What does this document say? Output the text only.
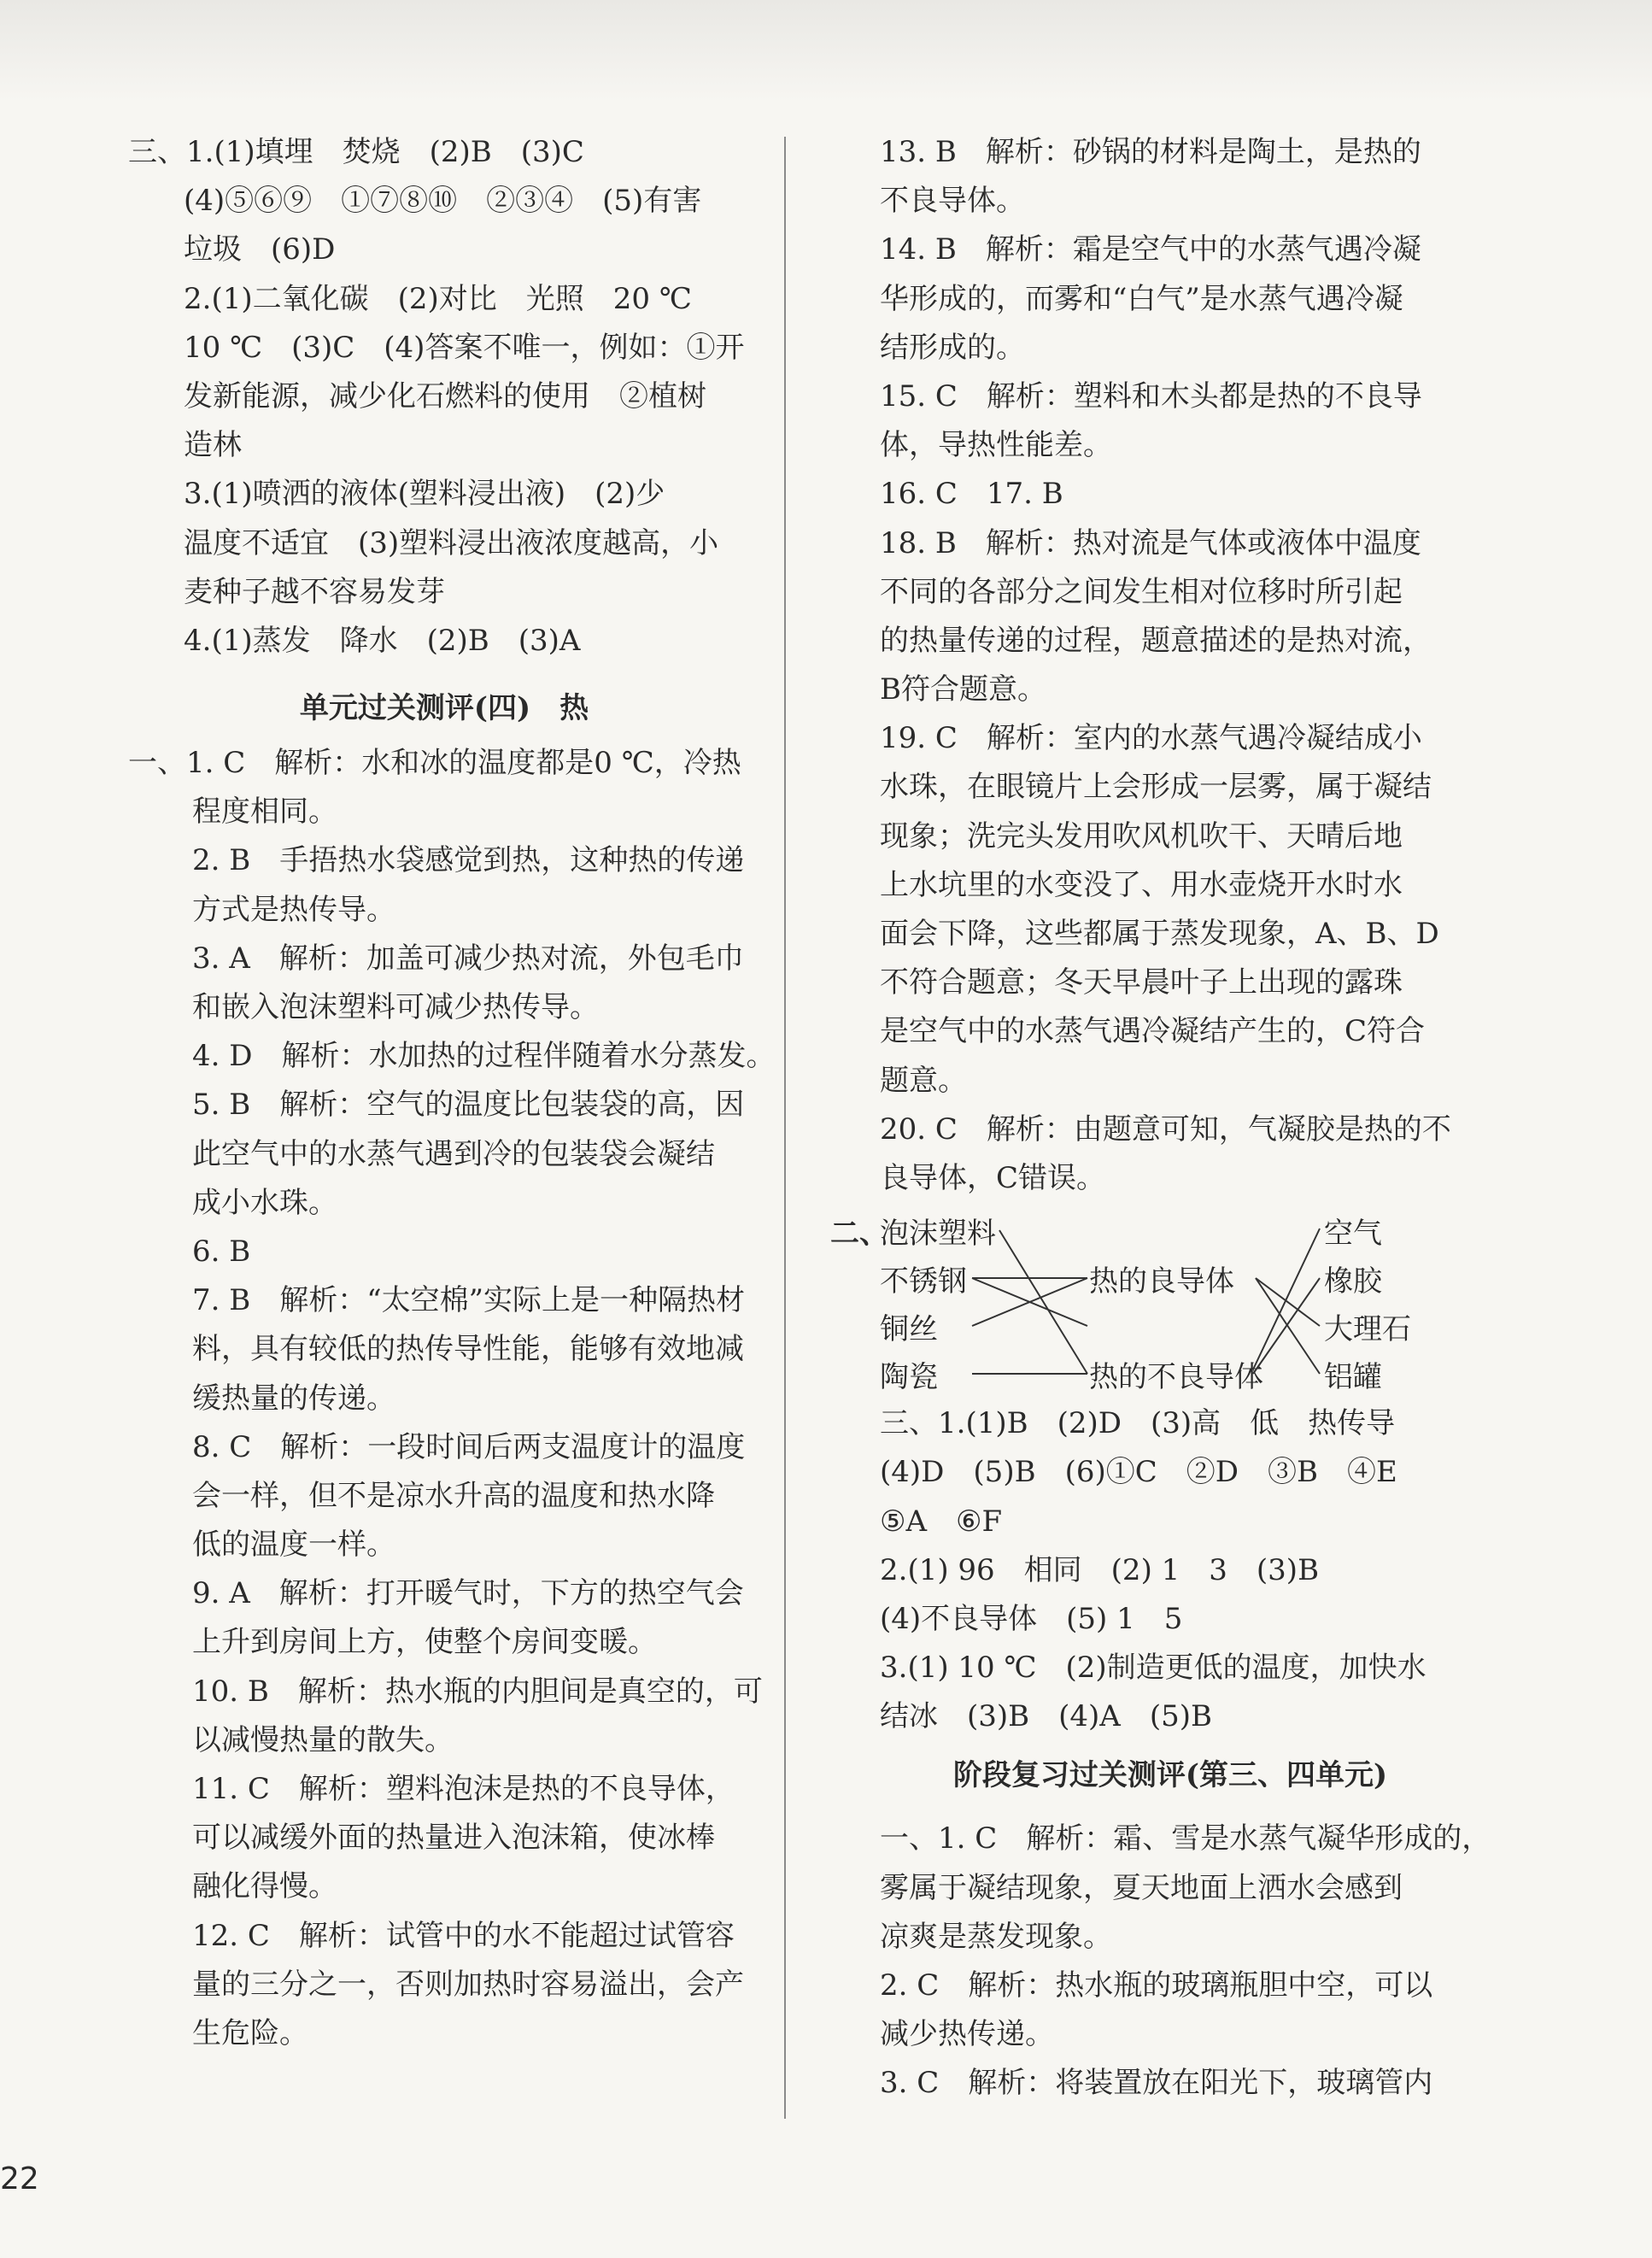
三、1.(1)填埋　焚烧　(2)B　(3)C
(4)⑤⑥⑨　①⑦⑧⑩　②③④　(5)有害
垃圾　(6)D
2.(1)二氧化碳　(2)对比　光照　20 ℃
10 ℃　(3)C　(4)答案不唯一，例如：①开
发新能源，减少化石燃料的使用　②植树
造林
3.(1)喷洒的液体(塑料浸出液)　(2)少
温度不适宜　(3)塑料浸出液浓度越高，小
麦种子越不容易发芽
4.(1)蒸发　降水　(2)B　(3)A
单元过关测评(四)　热
一、1. C　解析：水和冰的温度都是0 ℃，冷热
程度相同。
2. B　手捂热水袋感觉到热，这种热的传递
方式是热传导。
3. A　解析：加盖可减少热对流，外包毛巾
和嵌入泡沫塑料可减少热传导。
4. D　解析：水加热的过程伴随着水分蒸发。
5. B　解析：空气的温度比包装袋的高，因
此空气中的水蒸气遇到冷的包装袋会凝结
成小水珠。
6. B
7. B　解析：“太空棉”实际上是一种隔热材
料，具有较低的热传导性能，能够有效地减
缓热量的传递。
8. C　解析：一段时间后两支温度计的温度
会一样，但不是凉水升高的温度和热水降
低的温度一样。
9. A　解析：打开暖气时，下方的热空气会
上升到房间上方，使整个房间变暖。
10. B　解析：热水瓶的内胆间是真空的，可
以减慢热量的散失。
11. C　解析：塑料泡沫是热的不良导体，
可以减缓外面的热量进入泡沫箱，使冰棒
融化得慢。
12. C　解析：试管中的水不能超过试管容
量的三分之一，否则加热时容易溢出，会产
生危险。
13. B　解析：砂锅的材料是陶土，是热的
不良导体。
14. B　解析：霜是空气中的水蒸气遇冷凝
华形成的，而雾和“白气”是水蒸气遇冷凝
结形成的。
15. C　解析：塑料和木头都是热的不良导
体，导热性能差。
16. C　17. B
18. B　解析：热对流是气体或液体中温度
不同的各部分之间发生相对位移时所引起
的热量传递的过程，题意描述的是热对流，
B符合题意。
19. C　解析：室内的水蒸气遇冷凝结成小
水珠，在眼镜片上会形成一层雾，属于凝结
现象；洗完头发用吹风机吹干、天晴后地
上水坑里的水变没了、用水壶烧开水时水
面会下降，这些都属于蒸发现象，A、B、D
不符合题意；冬天早晨叶子上出现的露珠
是空气中的水蒸气遇冷凝结产生的，C符合
题意。
20. C　解析：由题意可知，气凝胶是热的不
良导体，C错误。
二、
泡沫塑料
不锈钢
铜丝
陶瓷
热的良导体
热的不良导体
空气
橡胶
大理石
铝罐
三、1.(1)B　(2)D　(3)高　低　热传导
(4)D　(5)B　(6)①C　②D　③B　④E
⑤A　⑥F
2.(1) 96　相同　(2) 1　3　(3)B
(4)不良导体　(5) 1　5
3.(1) 10 ℃　(2)制造更低的温度，加快水
结冰　(3)B　(4)A　(5)B
阶段复习过关测评(第三、四单元)
一、1. C　解析：霜、雪是水蒸气凝华形成的，
雾属于凝结现象，夏天地面上洒水会感到
凉爽是蒸发现象。
2. C　解析：热水瓶的玻璃瓶胆中空，可以
减少热传递。
3. C　解析：将装置放在阳光下，玻璃管内
22
